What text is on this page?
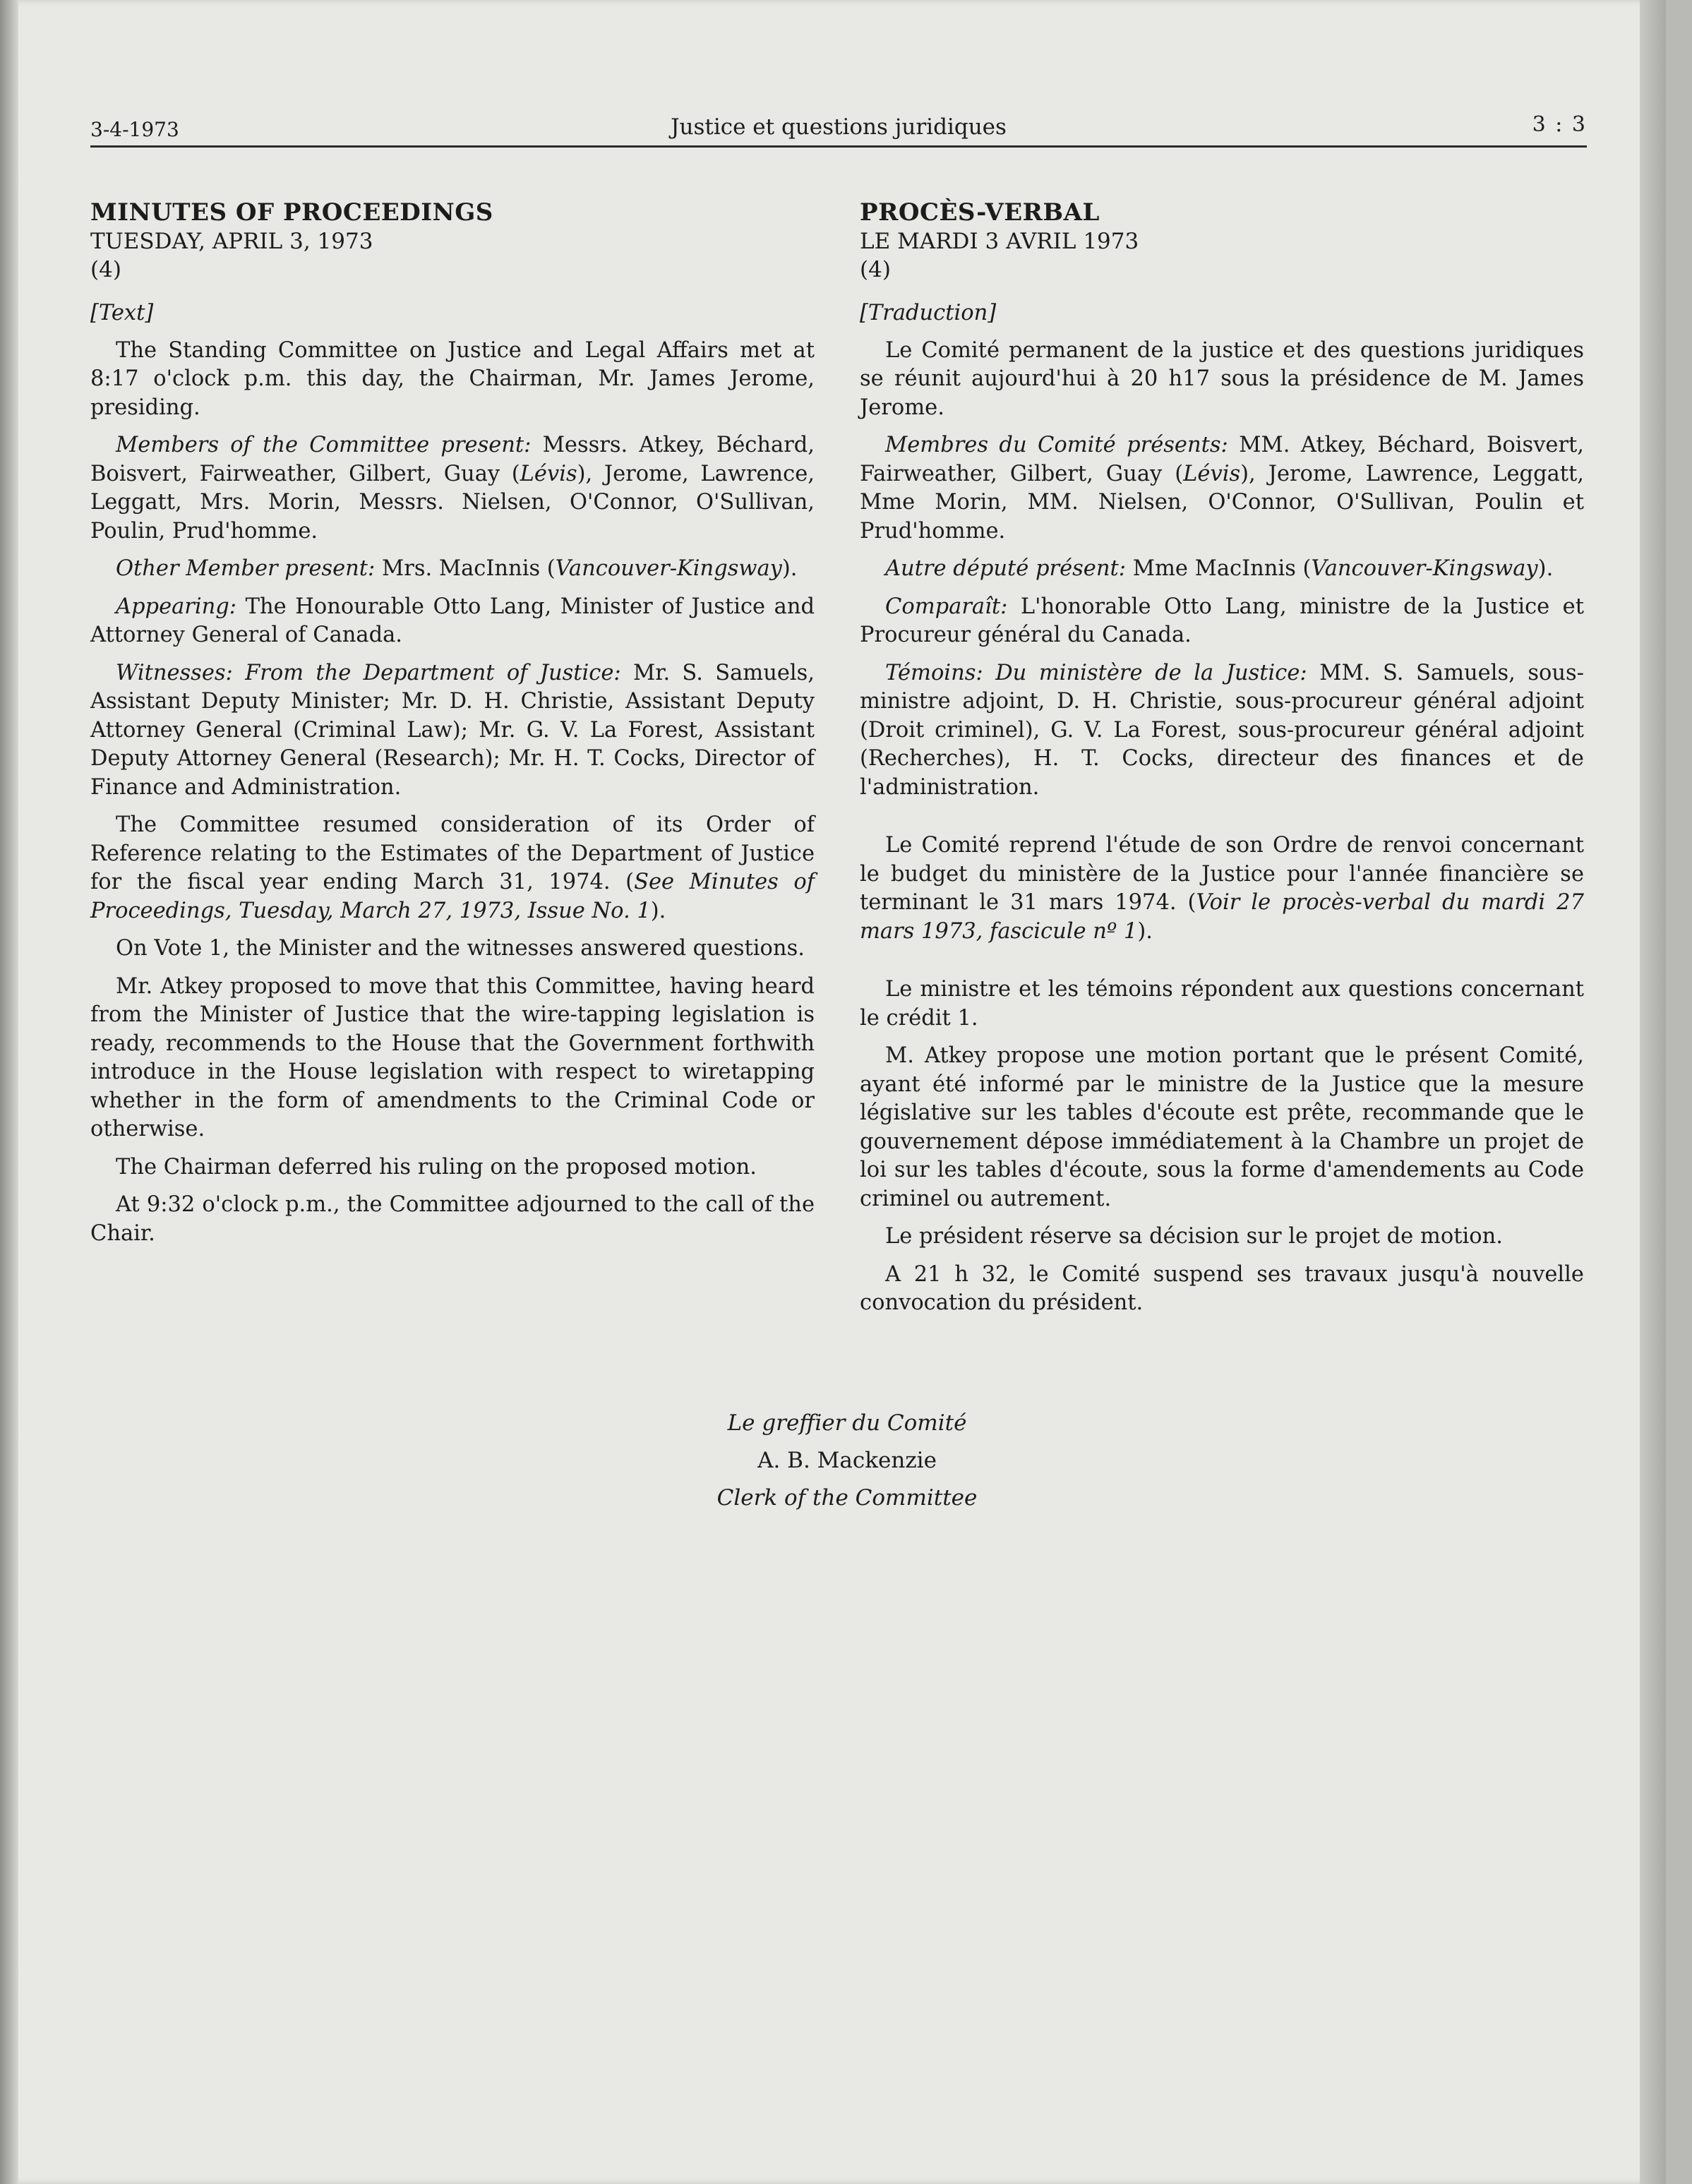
3-4-1973	Justice et questions juridiques	3 : 3
MINUTES OF PROCEEDINGS
TUESDAY, APRIL 3, 1973
(4)
[Text]

The Standing Committee on Justice and Legal Affairs met at 8:17 o'clock p.m. this day, the Chairman, Mr. James Jerome, presiding.

Members of the Committee present: Messrs. Atkey, Béchard, Boisvert, Fairweather, Gilbert, Guay (Lévis), Jerome, Lawrence, Leggatt, Mrs. Morin, Messrs. Nielsen, O'Connor, O'Sullivan, Poulin, Prud'homme.

Other Member present: Mrs. MacInnis (Vancouver-Kingsway).

Appearing: The Honourable Otto Lang, Minister of Justice and Attorney General of Canada.

Witnesses: From the Department of Justice: Mr. S. Samuels, Assistant Deputy Minister; Mr. D. H. Christie, Assistant Deputy Attorney General (Criminal Law); Mr. G. V. La Forest, Assistant Deputy Attorney General (Research); Mr. H. T. Cocks, Director of Finance and Administration.

The Committee resumed consideration of its Order of Reference relating to the Estimates of the Department of Justice for the fiscal year ending March 31, 1974. (See Minutes of Proceedings, Tuesday, March 27, 1973, Issue No. 1).

On Vote 1, the Minister and the witnesses answered questions.

Mr. Atkey proposed to move that this Committee, having heard from the Minister of Justice that the wire-tapping legislation is ready, recommends to the House that the Government forthwith introduce in the House legislation with respect to wiretapping whether in the form of amendments to the Criminal Code or otherwise.

The Chairman deferred his ruling on the proposed motion.

At 9:32 o'clock p.m., the Committee adjourned to the call of the Chair.

PROCÈS-VERBAL
LE MARDI 3 AVRIL 1973
(4)
[Traduction]

Le Comité permanent de la justice et des questions juridiques se réunit aujourd'hui à 20 h17 sous la présidence de M. James Jerome.

Membres du Comité présents: MM. Atkey, Béchard, Boisvert, Fairweather, Gilbert, Guay (Lévis), Jerome, Lawrence, Leggatt, Mme Morin, MM. Nielsen, O'Connor, O'Sullivan, Poulin et Prud'homme.

Autre député présent: Mme MacInnis (Vancouver-Kingsway).

Comparaît: L'honorable Otto Lang, ministre de la Justice et Procureur général du Canada.

Témoins: Du ministère de la Justice: MM. S. Samuels, sous-ministre adjoint, D. H. Christie, sous-procureur général adjoint (Droit criminel), G. V. La Forest, sous-procureur général adjoint (Recherches), H. T. Cocks, directeur des finances et de l'administration.

Le Comité reprend l'étude de son Ordre de renvoi concernant le budget du ministère de la Justice pour l'année financière se terminant le 31 mars 1974. (Voir le procès-verbal du mardi 27 mars 1973, fascicule nº 1).

Le ministre et les témoins répondent aux questions concernant le crédit 1.

M. Atkey propose une motion portant que le présent Comité, ayant été informé par le ministre de la Justice que la mesure législative sur les tables d'écoute est prête, recommande que le gouvernement dépose immédiatement à la Chambre un projet de loi sur les tables d'écoute, sous la forme d'amendements au Code criminel ou autrement.

Le président réserve sa décision sur le projet de motion.

A 21 h 32, le Comité suspend ses travaux jusqu'à nouvelle convocation du président.

Le greffier du Comité
A. B. Mackenzie
Clerk of the Committee
